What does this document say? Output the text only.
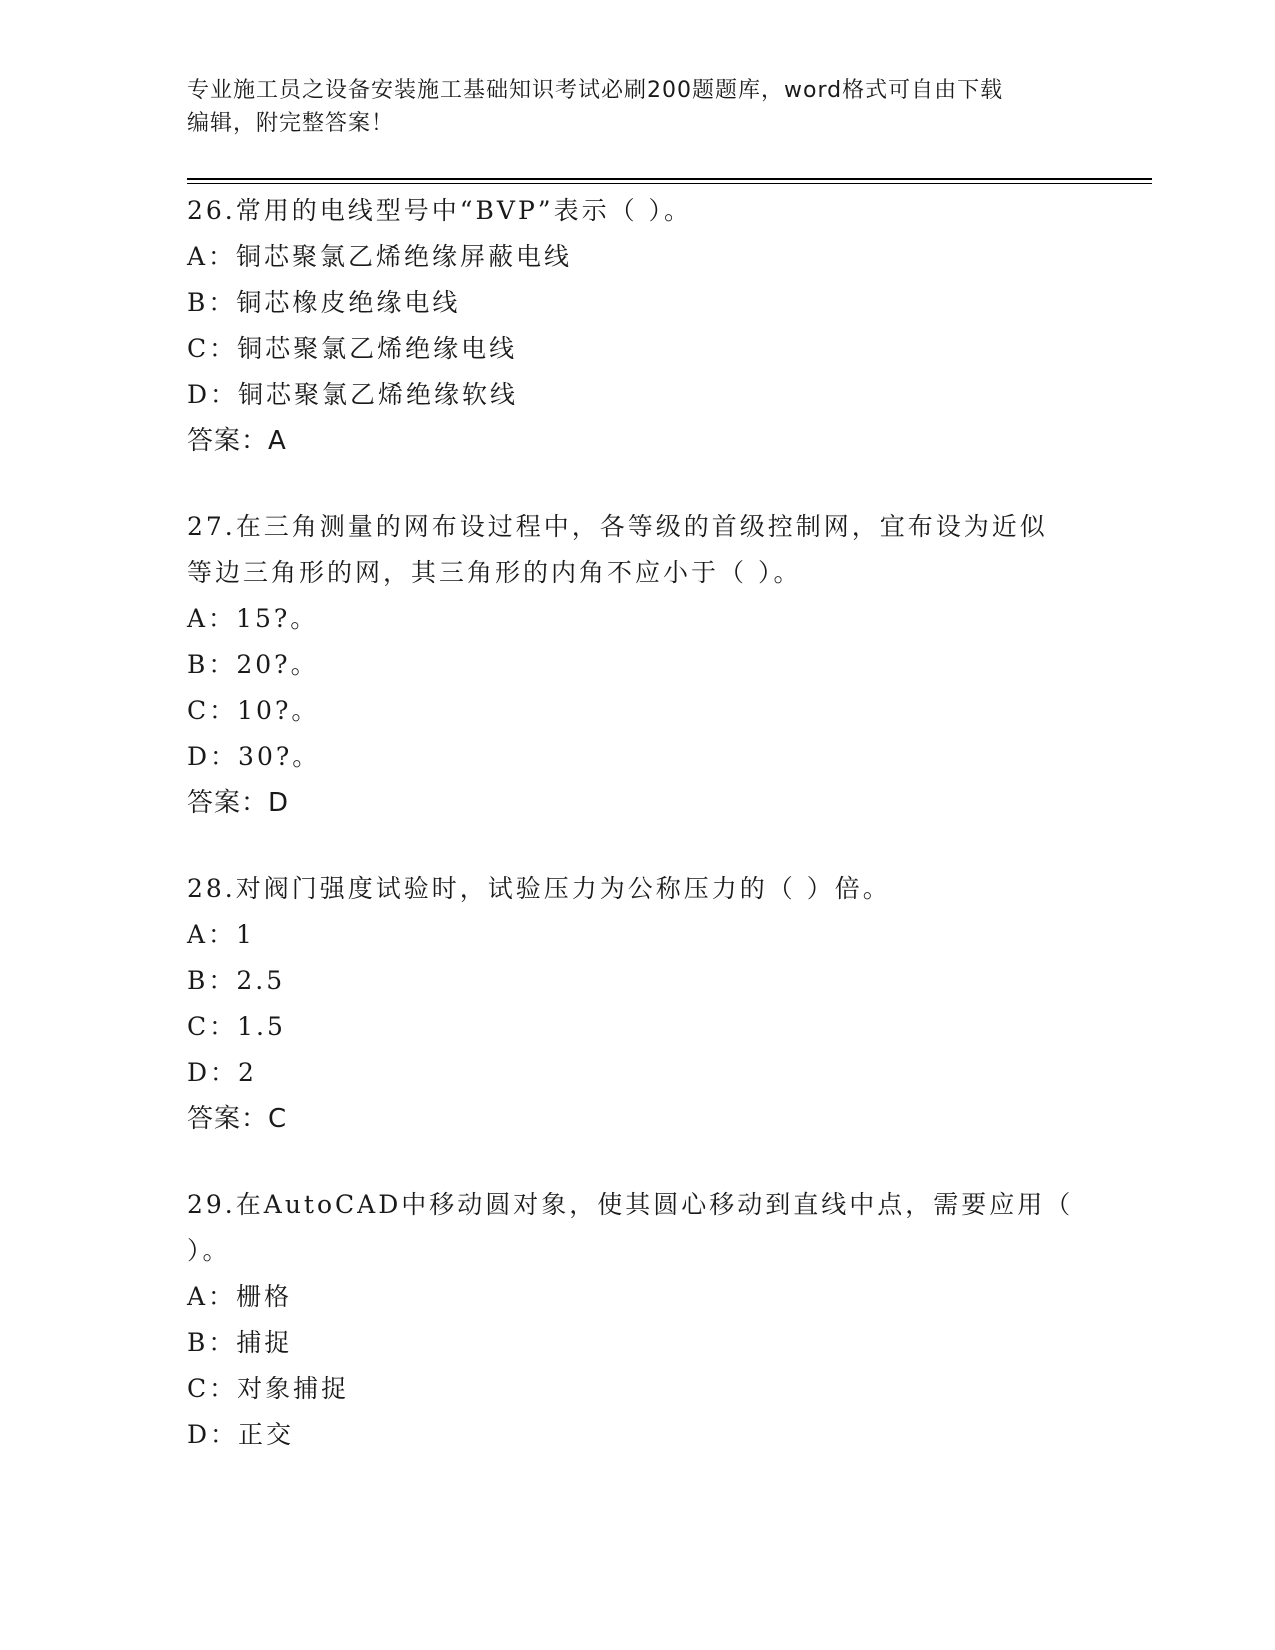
专业施工员之设备安装施工基础知识考试必刷200题题库，word格式可自由下载
编辑，附完整答案！
26.常用的电线型号中“BVP”表示（ ）。
A：铜芯聚氯乙烯绝缘屏蔽电线
B：铜芯橡皮绝缘电线
C：铜芯聚氯乙烯绝缘电线
D：铜芯聚氯乙烯绝缘软线
答案：A
27.在三角测量的网布设过程中，各等级的首级控制网，宜布设为近似
等边三角形的网，其三角形的内角不应小于（ ）。
A：15?。
B：20?。
C：10?。
D：30?。
答案：D
28.对阀门强度试验时，试验压力为公称压力的（ ）倍。
A：1
B：2.5
C：1.5
D：2
答案：C
29.在AutoCAD中移动圆对象，使其圆心移动到直线中点，需要应用（
）。
A：栅格
B：捕捉
C：对象捕捉
D：正交
